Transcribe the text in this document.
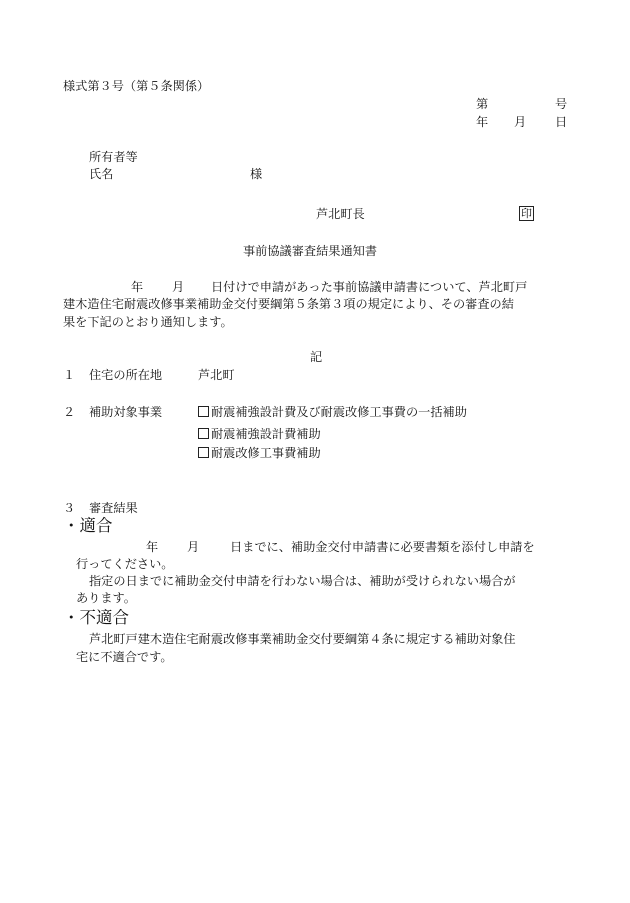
様式第３号（第５条関係）
第	号
年 月 日
所有者等
氏名	様
芦北町長	印
事前協議審査結果通知書
年 月 日付けで申請があった事前協議申請書について、芦北町戸
建木造住宅耐震改修事業補助金交付要綱第５条第３項の規定により、その審査の結
果を下記のとおり通知します。
記
１ 住宅の所在地	芦北町
２ 補助対象事業	耐震補強設計費及び耐震改修工事費の一括補助
耐震補強設計費補助
耐震改修工事費補助
３ 審査結果
・適合
年 月	日までに、補助金交付申請書に必要書類を添付し申請を
行ってください。
指定の日までに補助金交付申請を行わない場合は、補助が受けられない場合が
あります。
・不適合
芦北町戸建木造住宅耐震改修事業補助金交付要綱第４条に規定する補助対象住
宅に不適合です。
